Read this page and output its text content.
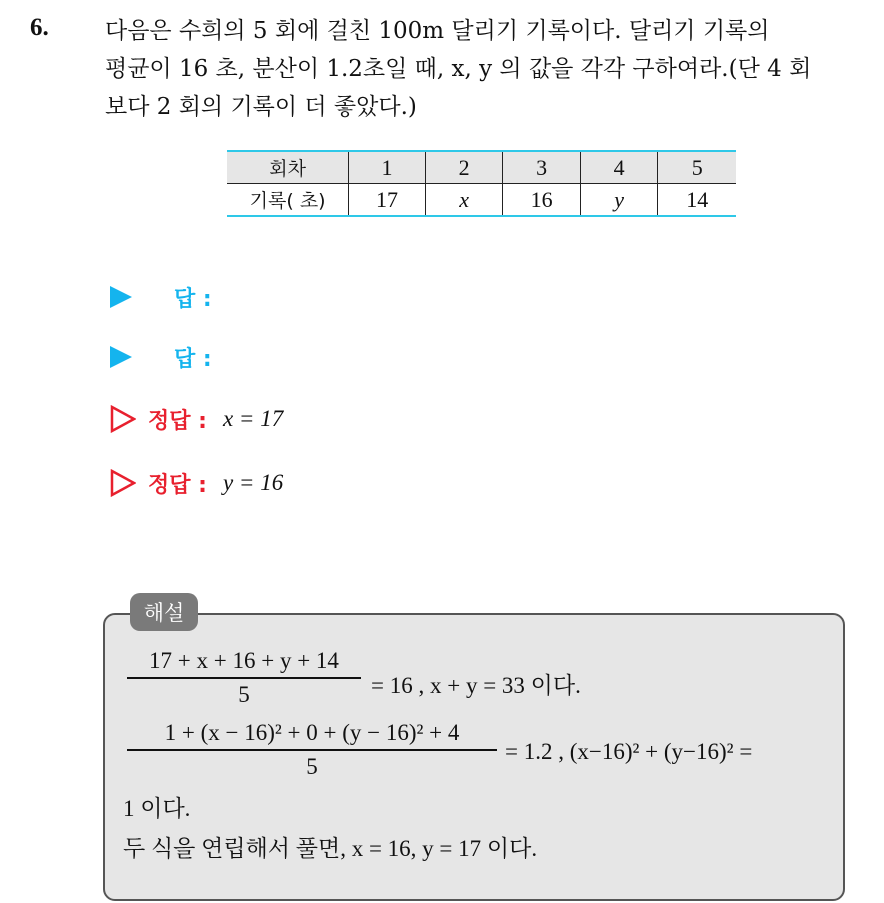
6. 다음은 수희의 5 회에 걸친 100m 달리기 기록이다. 달리기 기록의
평균이 16 초, 분산이 1.2초일 때, x, y 의 값을 각각 구하여라.(단 4 회
보다 2 회의 기록이 더 좋았다.)
회차	1	2	3	4	5
기록( 초)	17	x	16	y	14
답 :
답 :
정답 : x = 17
정답 : y = 16
해설
17 + x + 16 + y + 14
5	= 16 , x + y = 33 이다.
1 + (x − 16)² + 0 + (y − 16)² + 4
5
= 1.2 , (x−16)² + (y−16)² =
1 이다.
두 식을 연립해서 풀면, x = 16, y = 17 이다.
